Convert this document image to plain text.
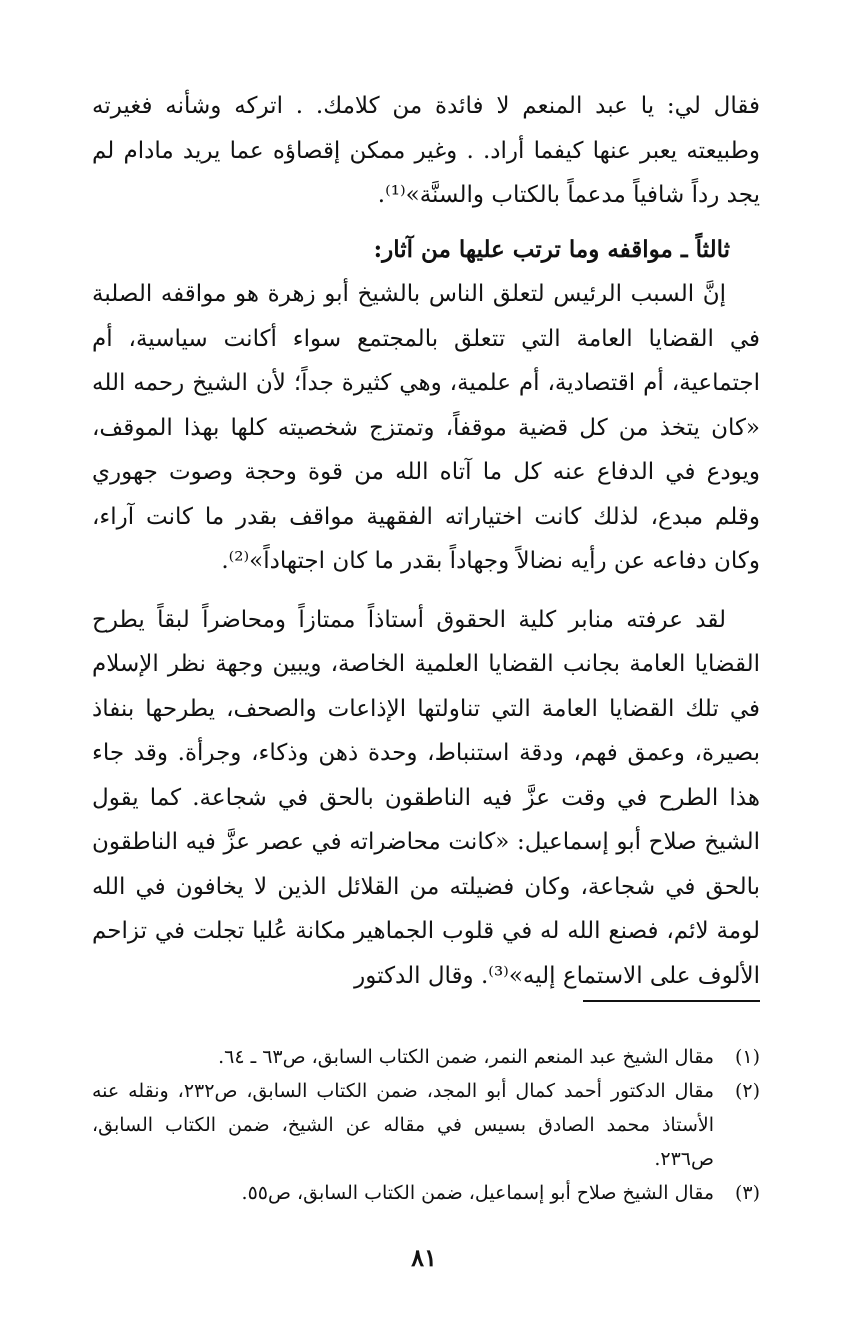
فقال لي: يا عبد المنعم لا فائدة من كلامك. . اتركه وشأنه فغيرته وطبيعته يعبر عنها كيفما أراد. . وغير ممكن إقصاؤه عما يريد مادام لم يجد رداً شافياً مدعماً بالكتاب والسنَّة»⁽¹⁾.

ثالثاً ـ مواقفه وما ترتب عليها من آثار:

إنَّ السبب الرئيس لتعلق الناس بالشيخ أبو زهرة هو مواقفه الصلبة في القضايا العامة التي تتعلق بالمجتمع سواء أكانت سياسية، أم اجتماعية، أم اقتصادية، أم علمية، وهي كثيرة جداً؛ لأن الشيخ رحمه الله «كان يتخذ من كل قضية موقفاً، وتمتزج شخصيته كلها بهذا الموقف، ويودع في الدفاع عنه كل ما آتاه الله من قوة وحجة وصوت جهوري وقلم مبدع، لذلك كانت اختياراته الفقهية مواقف بقدر ما كانت آراء، وكان دفاعه عن رأيه نضالاً وجهاداً بقدر ما كان اجتهاداً»⁽²⁾.

لقد عرفته منابر كلية الحقوق أستاذاً ممتازاً ومحاضراً لبقاً يطرح القضايا العامة بجانب القضايا العلمية الخاصة، ويبين وجهة نظر الإسلام في تلك القضايا العامة التي تناولتها الإذاعات والصحف، يطرحها بنفاذ بصيرة، وعمق فهم، ودقة استنباط، وحدة ذهن وذكاء، وجرأة. وقد جاء هذا الطرح في وقت عزَّ فيه الناطقون بالحق في شجاعة. كما يقول الشيخ صلاح أبو إسماعيل: «كانت محاضراته في عصر عزَّ فيه الناطقون بالحق في شجاعة، وكان فضيلته من القلائل الذين لا يخافون في الله لومة لائم، فصنع الله له في قلوب الجماهير مكانة عُليا تجلت في تزاحم الألوف على الاستماع إليه»⁽³⁾. وقال الدكتور

(١)
مقال الشيخ عبد المنعم النمر، ضمن الكتاب السابق، ص٦٣ ـ ٦٤.
(٢)
مقال الدكتور أحمد كمال أبو المجد، ضمن الكتاب السابق، ص٢٣٢، ونقله عنه الأستاذ محمد الصادق بسيس في مقاله عن الشيخ، ضمن الكتاب السابق، ص٢٣٦.
(٣)
مقال الشيخ صلاح أبو إسماعيل، ضمن الكتاب السابق، ص٥٥.
٨١
